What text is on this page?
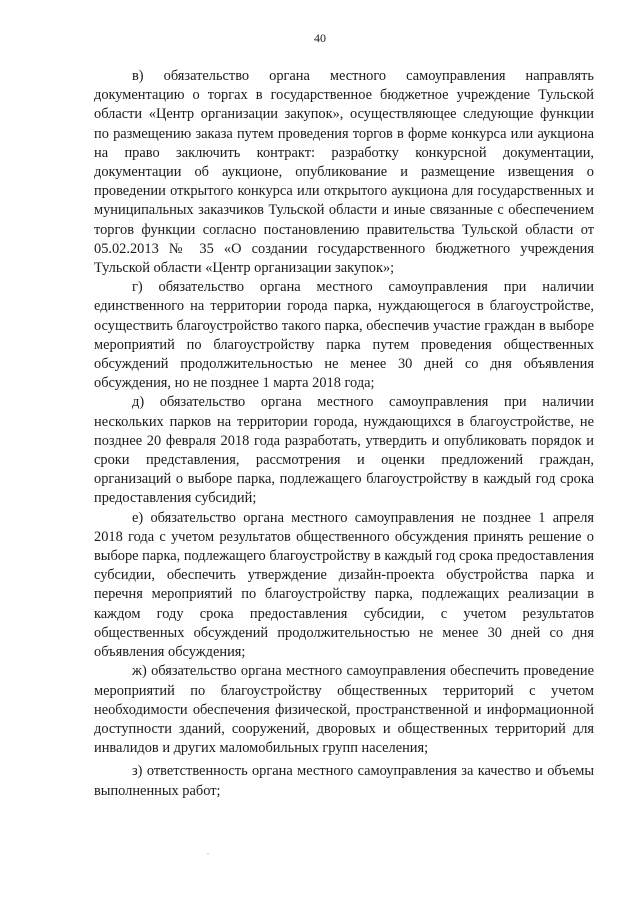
40

в) обязательство органа местного самоуправления направлять документацию о торгах в государственное бюджетное учреждение Тульской области «Центр организации закупок», осуществляющее следующие функции по размещению заказа путем проведения торгов в форме конкурса или аукциона на право заключить контракт: разработку конкурсной документации, документации об аукционе, опубликование и размещение извещения о проведении открытого конкурса или открытого аукциона для государственных и муниципальных заказчиков Тульской области и иные связанные с обеспечением торгов функции согласно постановлению правительства Тульской области от 05.02.2013 № 35 «О создании государственного бюджетного учреждения Тульской области «Центр организации закупок»;

г) обязательство органа местного самоуправления при наличии единственного на территории города парка, нуждающегося в благоустройстве, осуществить благоустройство такого парка, обеспечив участие граждан в выборе мероприятий по благоустройству парка путем проведения общественных обсуждений продолжительностью не менее 30 дней со дня объявления обсуждения, но не позднее 1 марта 2018 года;

д) обязательство органа местного самоуправления при наличии нескольких парков на территории города, нуждающихся в благоустройстве, не позднее 20 февраля 2018 года разработать, утвердить и опубликовать порядок и сроки представления, рассмотрения и оценки предложений граждан, организаций о выборе парка, подлежащего благоустройству в каждый год срока предоставления субсидий;

е) обязательство органа местного самоуправления не позднее 1 апреля 2018 года с учетом результатов общественного обсуждения принять решение о выборе парка, подлежащего благоустройству в каждый год срока предоставления субсидии, обеспечить утверждение дизайн-проекта обустройства парка и перечня мероприятий по благоустройству парка, подлежащих реализации в каждом году срока предоставления субсидии, с учетом результатов общественных обсуждений продолжительностью не менее 30 дней со дня объявления обсуждения;

ж) обязательство органа местного самоуправления обеспечить проведение мероприятий по благоустройству общественных территорий с учетом необходимости обеспечения физической, пространственной и информационной доступности зданий, сооружений, дворовых и общественных территорий для инвалидов и других маломобильных групп населения;

з) ответственность органа местного самоуправления за качество и объемы выполненных работ;
